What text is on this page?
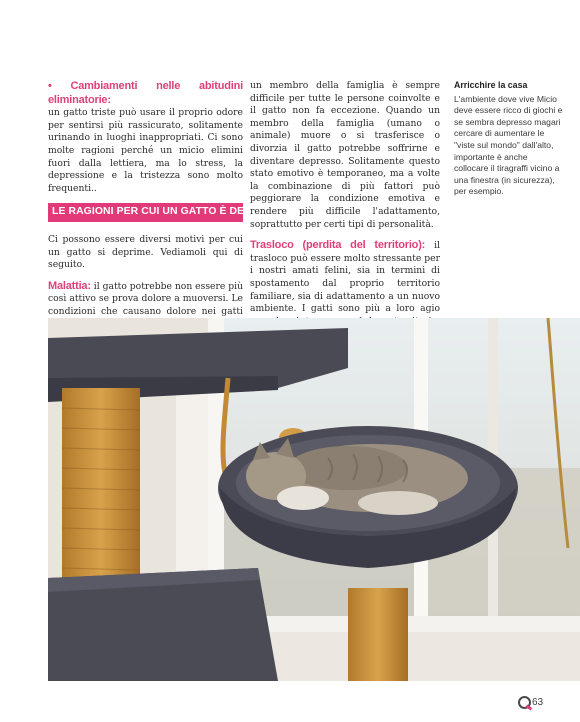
• Cambiamenti nelle abitudini eliminatorie:
un gatto triste può usare il proprio odore per sentirsi più rassicurato, solitamente urinando in luoghi inappropriati. Ci sono molte ragioni perché un micio elimini fuori dalla lettiera, ma lo stress, la depressione e la tristezza sono molto frequenti..

LE RAGIONI PER CUI UN GATTO È DEPRESSO

Ci possono essere diversi motivi per cui un gatto si deprime. Vediamoli qui di seguito.

Malattia: il gatto potrebbe non essere più così attivo se prova dolore a muoversi. Le condizioni che causano dolore nei gatti

un membro della famiglia è sempre difficile per tutte le persone coinvolte e il gatto non fa eccezione. Quando un membro della famiglia (umano o animale) muore o si trasferisce o divorzia il gatto potrebbe soffrirne e diventare depresso. Solitamente questo stato emotivo è temporaneo, ma a volte la combinazione di più fattori può peggiorare la condizione emotiva e rendere più difficile l'adattamento, soprattutto per certi tipi di personalità.

Trasloco (perdita del territorio): il trasloco può essere molto stressante per i nostri amati felini, sia in termini di spostamento dal proprio territorio familiare, sia di adattamento a un nuovo ambiente. I gatti sono più a loro agio

Arricchire la casa

L'ambiente dove vive Micio deve essere ricco di giochi e se sembra depresso magari cercare di aumentare le "viste sul mondo" dall'alto, importante è anche collocare il tiragraffi vicino a una finestra (in sicurezza), per esempio.

63
